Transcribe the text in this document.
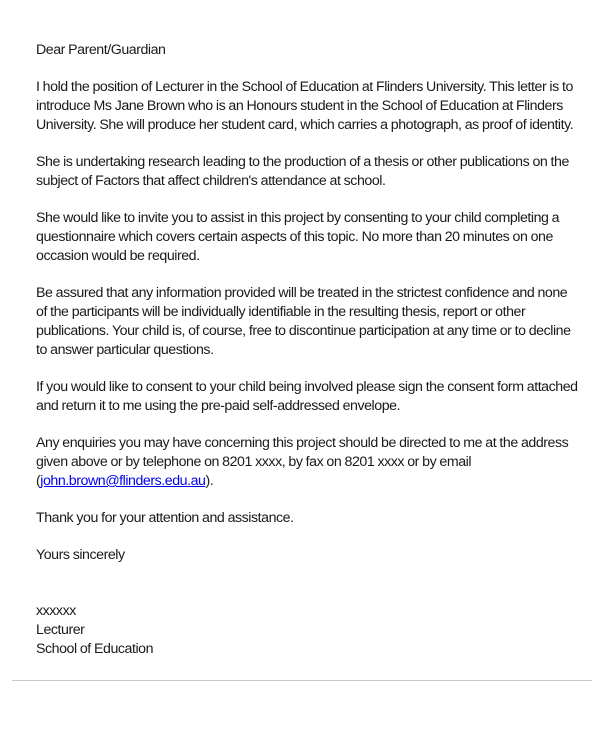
Dear Parent/Guardian

I hold the position of Lecturer in the School of Education at Flinders University. This letter is to introduce Ms Jane Brown who is an Honours student in the School of Education at Flinders University. She will produce her student card, which carries a photograph, as proof of identity.

She is undertaking research leading to the production of a thesis or other publications on the subject of Factors that affect children's attendance at school.

She would like to invite you to assist in this project by consenting to your child completing a questionnaire which covers certain aspects of this topic. No more than 20 minutes on one occasion would be required.

Be assured that any information provided will be treated in the strictest confidence and none of the participants will be individually identifiable in the resulting thesis, report or other publications. Your child is, of course, free to discontinue participation at any time or to decline to answer particular questions.

If you would like to consent to your child being involved please sign the consent form attached and return it to me using the pre-paid self-addressed envelope.

Any enquiries you may have concerning this project should be directed to me at the address given above or by telephone on 8201 xxxx, by fax on 8201 xxxx or by email
(john.brown@flinders.edu.au).

Thank you for your attention and assistance.

Yours sincerely

xxxxxx

Lecturer

School of Education
